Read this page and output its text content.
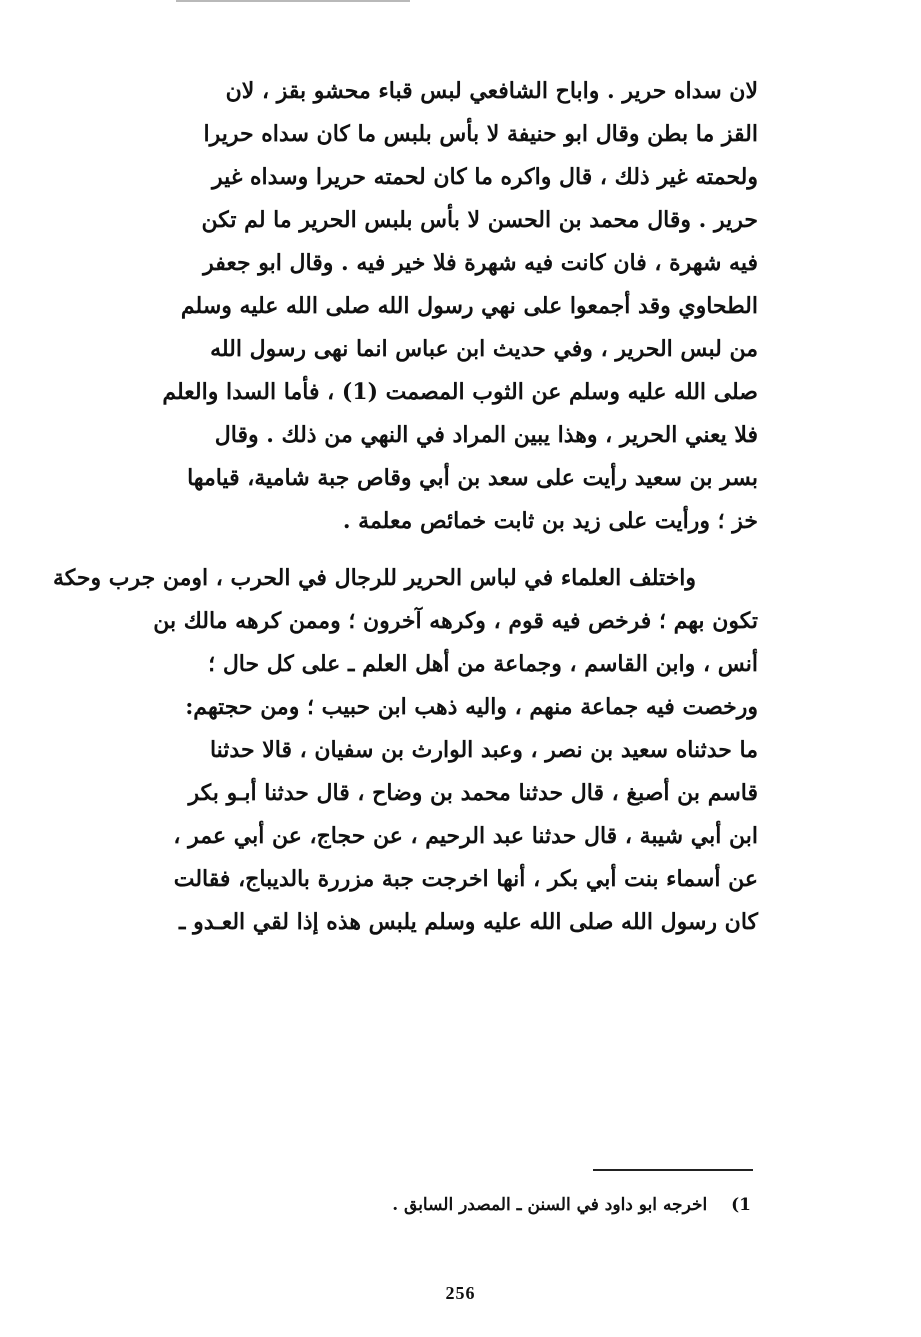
لان سداه حرير . واباح الشافعي لبس قباء محشو بقز ، لان
القز ما بطن وقال ابو حنيفة لا بأس بلبس ما كان سداه حريرا
ولحمته غير ذلك ، قال واكره ما كان لحمته حريرا وسداه غير
حرير . وقال محمد بن الحسن لا بأس بلبس الحرير ما لم تكن
فيه شهرة ، فان كانت فيه شهرة فلا خير فيه . وقال ابو جعفر
الطحاوي وقد أجمعوا على نهي رسول الله صلى الله عليه وسلم
من لبس الحرير ، وفي حديث ابن عباس انما نهى رسول الله
صلى الله عليه وسلم عن الثوب المصمت (1) ، فأما السدا والعلم
فلا يعني الحرير ، وهذا يبين المراد في النهي من ذلك . وقال
بسر بن سعيد رأيت على سعد بن أبي وقاص جبة شامية، قيامها
خز ؛ ورأيت على زيد بن ثابت خمائص معلمة .
واختلف العلماء في لباس الحرير للرجال في الحرب ، اومن جرب وحكة
تكون بهم ؛ فرخص فيه قوم ، وكرهه آخرون ؛ وممن كرهه مالك بن
أنس ، وابن القاسم ، وجماعة من أهل العلم ـ على كل حال ؛
ورخصت فيه جماعة منهم ، واليه ذهب ابن حبيب ؛ ومن حجتهم:
ما حدثناه سعيد بن نصر ، وعبد الوارث بن سفيان ، قالا حدثنا
قاسم بن أصبغ ، قال حدثنا محمد بن وضاح ، قال حدثنا أبـو بكر
ابن أبي شيبة ، قال حدثنا عبد الرحيم ، عن حجاج، عن أبي عمر ،
عن أسماء بنت أبي بكر ، أنها اخرجت جبة مزررة بالديباج، فقالت
كان رسول الله صلى الله عليه وسلم يلبس هذه إذا لقي العـدو ـ
1) اخرجه ابو داود في السنن ـ المصدر السابق .
256
